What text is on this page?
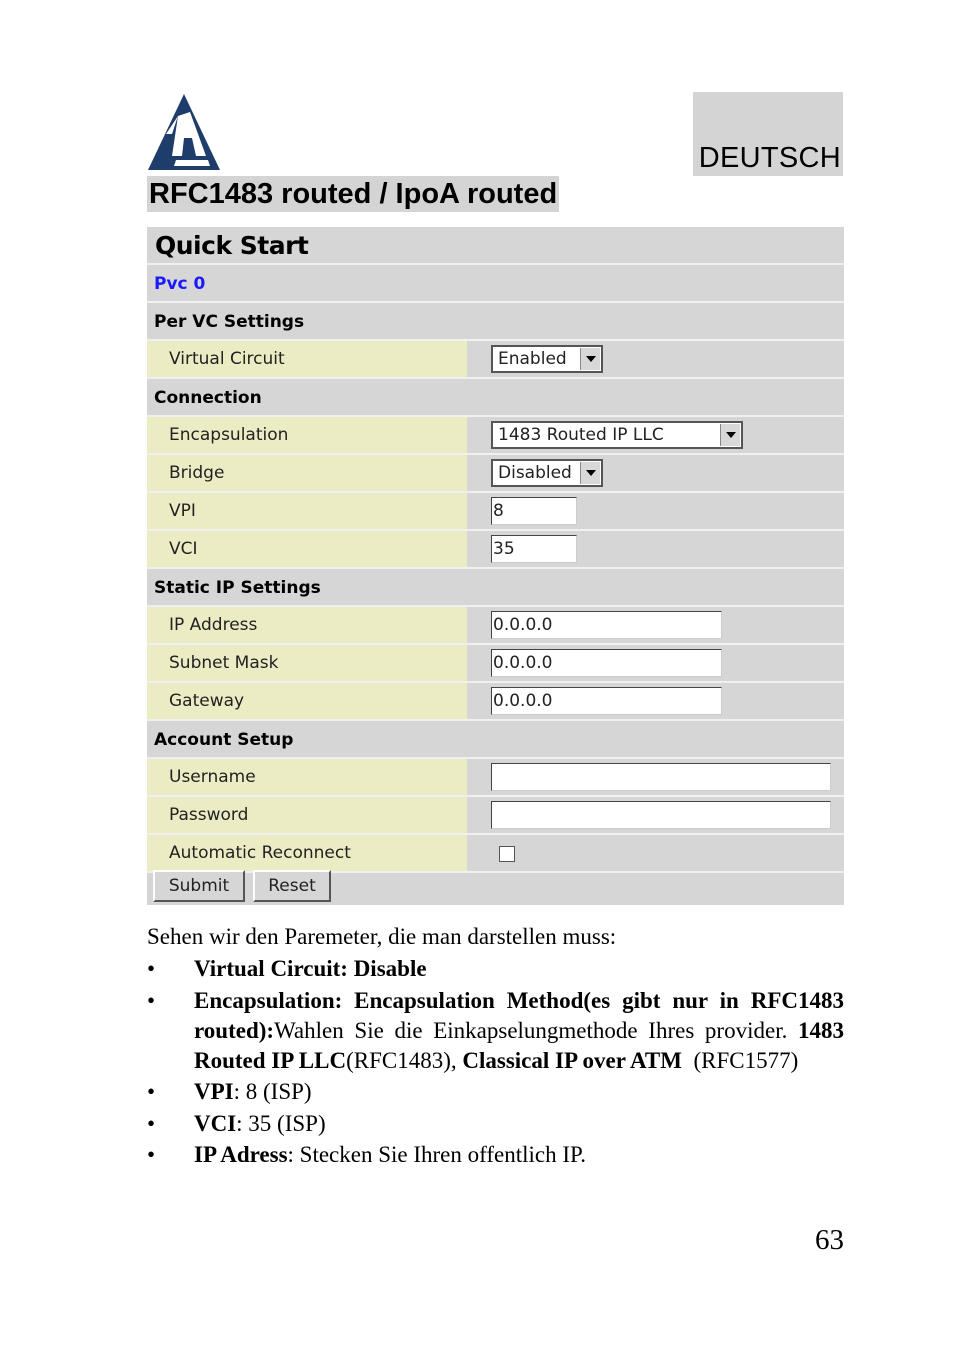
DEUTSCH
RFC1483 routed / IpoA routed
Quick Start
Pvc 0
Per VC Settings
Virtual Circuit	Enabled
Connection
Encapsulation	1483 Routed IP LLC
Bridge	Disabled
VPI	8
VCI	35
Static IP Settings
IP Address	0.0.0.0
Subnet Mask	0.0.0.0
Gateway	0.0.0.0
Account Setup
Username
Password
Automatic Reconnect
Submit	Reset
Sehen wir den Paremeter, die man darstellen muss:
• Virtual Circuit: Disable
• Encapsulation: Encapsulation Method(es gibt nur in RFC1483 routed):Wahlen Sie die Einkapselungmethode Ihres provider. 1483 Routed IP LLC(RFC1483), Classical IP over ATM  (RFC1577)
• VPI: 8 (ISP)
• VCI: 35 (ISP)
• IP Adress: Stecken Sie Ihren offentlich IP.
63
